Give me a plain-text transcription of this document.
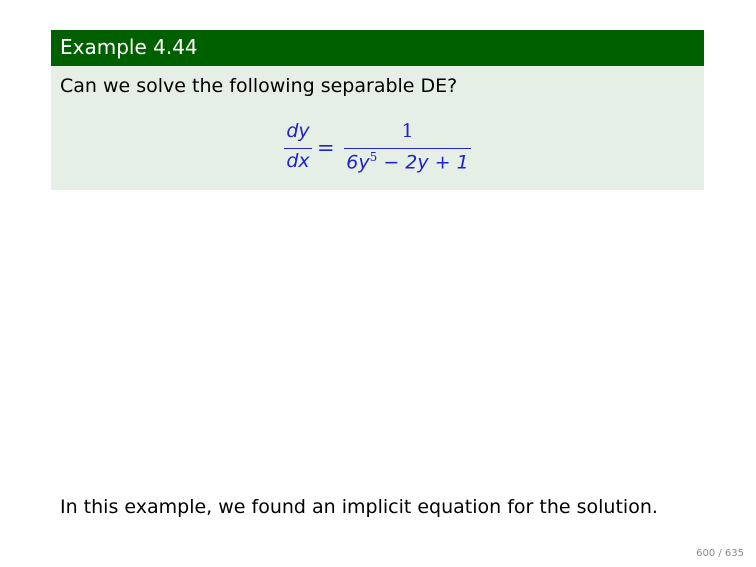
Example 4.44
Can we solve the following separable DE?
dy
dx
=
1
$6y^5 - 2y + 1$
In this example, we found an implicit equation for the solution.
600 / 635
